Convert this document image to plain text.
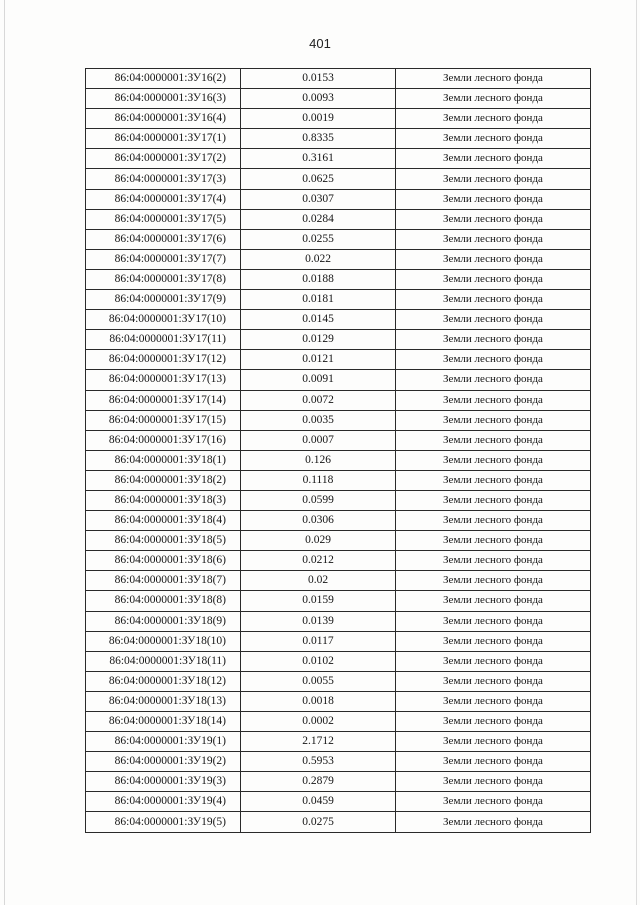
401
86:04:0000001:ЗУ16(2)	0.0153	Земли лесного фонда
86:04:0000001:ЗУ16(3)	0.0093	Земли лесного фонда
86:04:0000001:ЗУ16(4)	0.0019	Земли лесного фонда
86:04:0000001:ЗУ17(1)	0.8335	Земли лесного фонда
86:04:0000001:ЗУ17(2)	0.3161	Земли лесного фонда
86:04:0000001:ЗУ17(3)	0.0625	Земли лесного фонда
86:04:0000001:ЗУ17(4)	0.0307	Земли лесного фонда
86:04:0000001:ЗУ17(5)	0.0284	Земли лесного фонда
86:04:0000001:ЗУ17(6)	0.0255	Земли лесного фонда
86:04:0000001:ЗУ17(7)	0.022	Земли лесного фонда
86:04:0000001:ЗУ17(8)	0.0188	Земли лесного фонда
86:04:0000001:ЗУ17(9)	0.0181	Земли лесного фонда
86:04:0000001:ЗУ17(10)	0.0145	Земли лесного фонда
86:04:0000001:ЗУ17(11)	0.0129	Земли лесного фонда
86:04:0000001:ЗУ17(12)	0.0121	Земли лесного фонда
86:04:0000001:ЗУ17(13)	0.0091	Земли лесного фонда
86:04:0000001:ЗУ17(14)	0.0072	Земли лесного фонда
86:04:0000001:ЗУ17(15)	0.0035	Земли лесного фонда
86:04:0000001:ЗУ17(16)	0.0007	Земли лесного фонда
86:04:0000001:ЗУ18(1)	0.126	Земли лесного фонда
86:04:0000001:ЗУ18(2)	0.1118	Земли лесного фонда
86:04:0000001:ЗУ18(3)	0.0599	Земли лесного фонда
86:04:0000001:ЗУ18(4)	0.0306	Земли лесного фонда
86:04:0000001:ЗУ18(5)	0.029	Земли лесного фонда
86:04:0000001:ЗУ18(6)	0.0212	Земли лесного фонда
86:04:0000001:ЗУ18(7)	0.02	Земли лесного фонда
86:04:0000001:ЗУ18(8)	0.0159	Земли лесного фонда
86:04:0000001:ЗУ18(9)	0.0139	Земли лесного фонда
86:04:0000001:ЗУ18(10)	0.0117	Земли лесного фонда
86:04:0000001:ЗУ18(11)	0.0102	Земли лесного фонда
86:04:0000001:ЗУ18(12)	0.0055	Земли лесного фонда
86:04:0000001:ЗУ18(13)	0.0018	Земли лесного фонда
86:04:0000001:ЗУ18(14)	0.0002	Земли лесного фонда
86:04:0000001:ЗУ19(1)	2.1712	Земли лесного фонда
86:04:0000001:ЗУ19(2)	0.5953	Земли лесного фонда
86:04:0000001:ЗУ19(3)	0.2879	Земли лесного фонда
86:04:0000001:ЗУ19(4)	0.0459	Земли лесного фонда
86:04:0000001:ЗУ19(5)	0.0275	Земли лесного фонда
